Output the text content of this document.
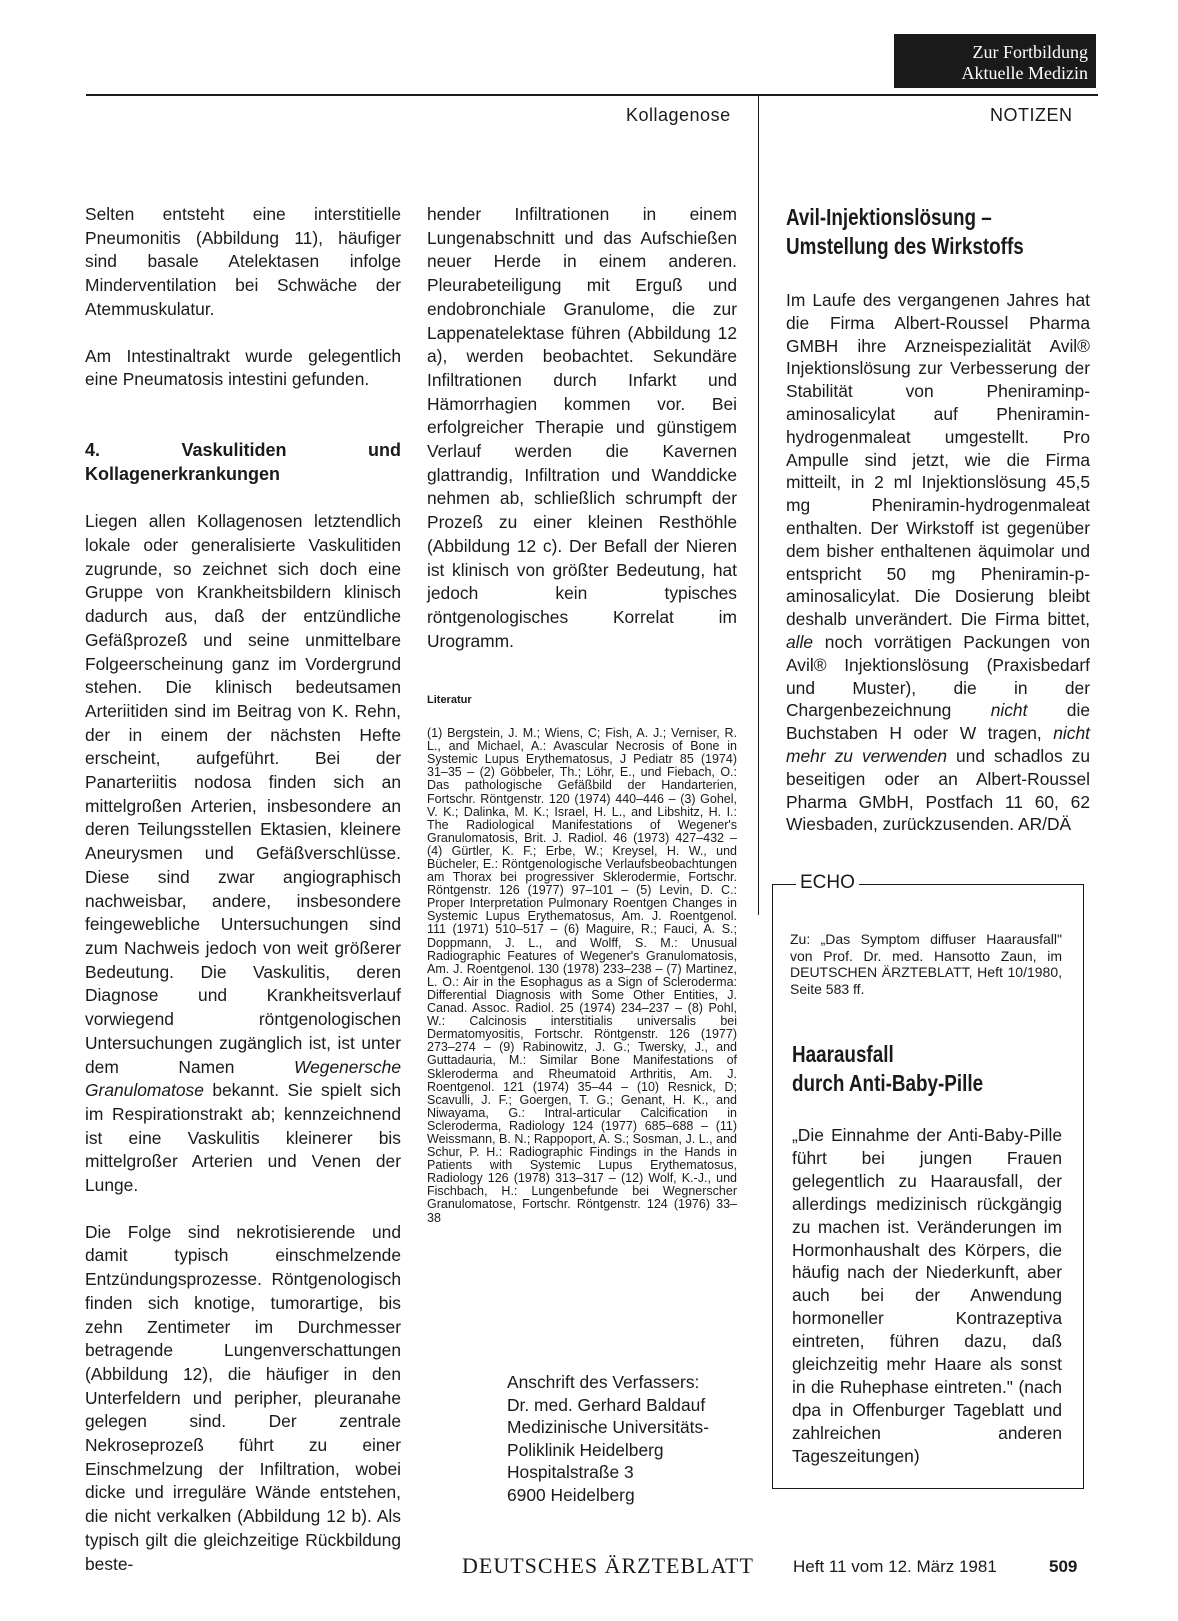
Zur Fortbildung
Aktuelle Medizin
Kollagenose	NOTIZEN

Selten entsteht eine interstitielle Pneumonitis (Abbildung 11), häufiger sind basale Atelektasen infolge Minderventilation bei Schwäche der Atemmuskulatur.

Am Intestinaltrakt wurde gelegentlich eine Pneumatosis intestini gefunden.

4. Vaskulitiden und Kollagenerkrankungen

Liegen allen Kollagenosen letztendlich lokale oder generalisierte Vaskulitiden zugrunde, so zeichnet sich doch eine Gruppe von Krankheitsbildern klinisch dadurch aus, daß der entzündliche Gefäßprozeß und seine unmittelbare Folgeerscheinung ganz im Vordergrund stehen. Die klinisch bedeutsamen Arteriitiden sind im Beitrag von K. Rehn, der in einem der nächsten Hefte erscheint, aufgeführt. Bei der Panarteriitis nodosa finden sich an mittelgroßen Arterien, insbesondere an deren Teilungsstellen Ektasien, kleinere Aneurysmen und Gefäßverschlüsse. Diese sind zwar angiographisch nachweisbar, andere, insbesondere feingewebliche Untersuchungen sind zum Nachweis jedoch von weit größerer Bedeutung. Die Vaskulitis, deren Diagnose und Krankheitsverlauf vorwiegend röntgenologischen Untersuchungen zugänglich ist, ist unter dem Namen Wegenersche Granulomatose bekannt. Sie spielt sich im Respirationstrakt ab; kennzeichnend ist eine Vaskulitis kleinerer bis mittelgroßer Arterien und Venen der Lunge.

Die Folge sind nekrotisierende und damit typisch einschmelzende Entzündungsprozesse. Röntgenologisch finden sich knotige, tumorartige, bis zehn Zentimeter im Durchmesser betragende Lungenverschattungen (Abbildung 12), die häufiger in den Unterfeldern und peripher, pleuranahe gelegen sind. Der zentrale Nekroseprozeß führt zu einer Einschmelzung der Infiltration, wobei dicke und irreguläre Wände entstehen, die nicht verkalken (Abbildung 12 b). Als typisch gilt die gleichzeitige Rückbildung beste-

hender Infiltrationen in einem Lungenabschnitt und das Aufschießen neuer Herde in einem anderen. Pleurabeteiligung mit Erguß und endobronchiale Granulome, die zur Lappenatelektase führen (Abbildung 12 a), werden beobachtet. Sekundäre Infiltrationen durch Infarkt und Hämorrhagien kommen vor. Bei erfolgreicher Therapie und günstigem Verlauf werden die Kavernen glattrandig, Infiltration und Wanddicke nehmen ab, schließlich schrumpft der Prozeß zu einer kleinen Resthöhle (Abbildung 12 c). Der Befall der Nieren ist klinisch von größter Bedeutung, hat jedoch kein typisches röntgenologisches Korrelat im Urogramm.

Literatur
(1) Bergstein, J. M.; Wiens, C; Fish, A. J.; Verniser, R. L., and Michael, A.: Avascular Necrosis of Bone in Systemic Lupus Erythematosus, J Pediatr 85 (1974) 31–35 – (2) Göbbeler, Th.; Löhr, E., und Fiebach, O.: Das pathologische Gefäßbild der Handarterien, Fortschr. Röntgenstr. 120 (1974) 440–446 – (3) Gohel, V. K.; Dalinka, M. K.; Israel, H. L., and Libshitz, H. I.: The Radiological Manifestations of Wegener's Granulomatosis, Brit. J. Radiol. 46 (1973) 427–432 – (4) Gürtler, K. F.; Erbe, W.; Kreysel, H. W., und Bücheler, E.: Röntgenologische Verlaufsbeobachtungen am Thorax bei progressiver Sklerodermie, Fortschr. Röntgenstr. 126 (1977) 97–101 – (5) Levin, D. C.: Proper Interpretation Pulmonary Roentgen Changes in Systemic Lupus Erythematosus, Am. J. Roentgenol. 111 (1971) 510–517 – (6) Maguire, R.; Fauci, A. S.; Doppmann, J. L., and Wolff, S. M.: Unusual Radiographic Features of Wegener's Granulomatosis, Am. J. Roentgenol. 130 (1978) 233–238 – (7) Martinez, L. O.: Air in the Esophagus as a Sign of Scleroderma: Differential Diagnosis with Some Other Entities, J. Canad. Assoc. Radiol. 25 (1974) 234–237 – (8) Pohl, W.: Calcinosis interstitialis universalis bei Dermatomyositis, Fortschr. Röntgenstr. 126 (1977) 273–274 – (9) Rabinowitz, J. G.; Twersky, J., and Guttadauria, M.: Similar Bone Manifestations of Skleroderma and Rheumatoid Arthritis, Am. J. Roentgenol. 121 (1974) 35–44 – (10) Resnick, D; Scavulli, J. F.; Goergen, T. G.; Genant, H. K., and Niwayama, G.: Intral-articular Calcification in Scleroderma, Radiology 124 (1977) 685–688 – (11) Weissmann, B. N.; Rappoport, A. S.; Sosman, J. L., and Schur, P. H.: Radiographic Findings in the Hands in Patients with Systemic Lupus Erythematosus, Radiology 126 (1978) 313–317 – (12) Wolf, K.-J., und Fischbach, H.: Lungenbefunde bei Wegnerscher Granulomatose, Fortschr. Röntgenstr. 124 (1976) 33–38
Anschrift des Verfassers:
Dr. med. Gerhard Baldauf
Medizinische Universitäts-
Poliklinik Heidelberg
Hospitalstraße 3
6900 Heidelberg
Avil-Injektionslösung –
Umstellung des Wirkstoffs

Im Laufe des vergangenen Jahres hat die Firma Albert-Roussel Pharma GMBH ihre Arzneispezialität Avil® Injektionslösung zur Verbesserung der Stabilität von Pheniraminp-aminosalicylat auf Pheniramin-hydrogenmaleat umgestellt. Pro Ampulle sind jetzt, wie die Firma mitteilt, in 2 ml Injektionslösung 45,5 mg Pheniramin-hydrogenmaleat enthalten. Der Wirkstoff ist gegenüber dem bisher enthaltenen äquimolar und entspricht 50 mg Pheniramin-p-aminosalicylat. Die Dosierung bleibt deshalb unverändert. Die Firma bittet, alle noch vorrätigen Packungen von Avil® Injektionslösung (Praxisbedarf und Muster), die in der Chargenbezeichnung nicht die Buchstaben H oder W tragen, nicht mehr zu verwenden und schadlos zu beseitigen oder an Albert-Roussel Pharma GMbH, Postfach 11 60, 62 Wiesbaden, zurückzusenden. AR/DÄ

ECHO
Zu: „Das Symptom diffuser Haarausfall" von Prof. Dr. med. Hansotto Zaun, im DEUTSCHEN ÄRZTEBLATT, Heft 10/1980, Seite 583 ff.
Haarausfall
durch Anti-Baby-Pille

„Die Einnahme der Anti-Baby-Pille führt bei jungen Frauen gelegentlich zu Haarausfall, der allerdings medizinisch rückgängig zu machen ist. Veränderungen im Hormonhaushalt des Körpers, die häufig nach der Niederkunft, aber auch bei der Anwendung hormoneller Kontrazeptiva eintreten, führen dazu, daß gleichzeitig mehr Haare als sonst in die Ruhephase eintreten." (nach dpa in Offenburger Tageblatt und zahlreichen anderen Tageszeitungen)

DEUTSCHES ÄRZTEBLATT Heft 11 vom 12. März 1981	509
